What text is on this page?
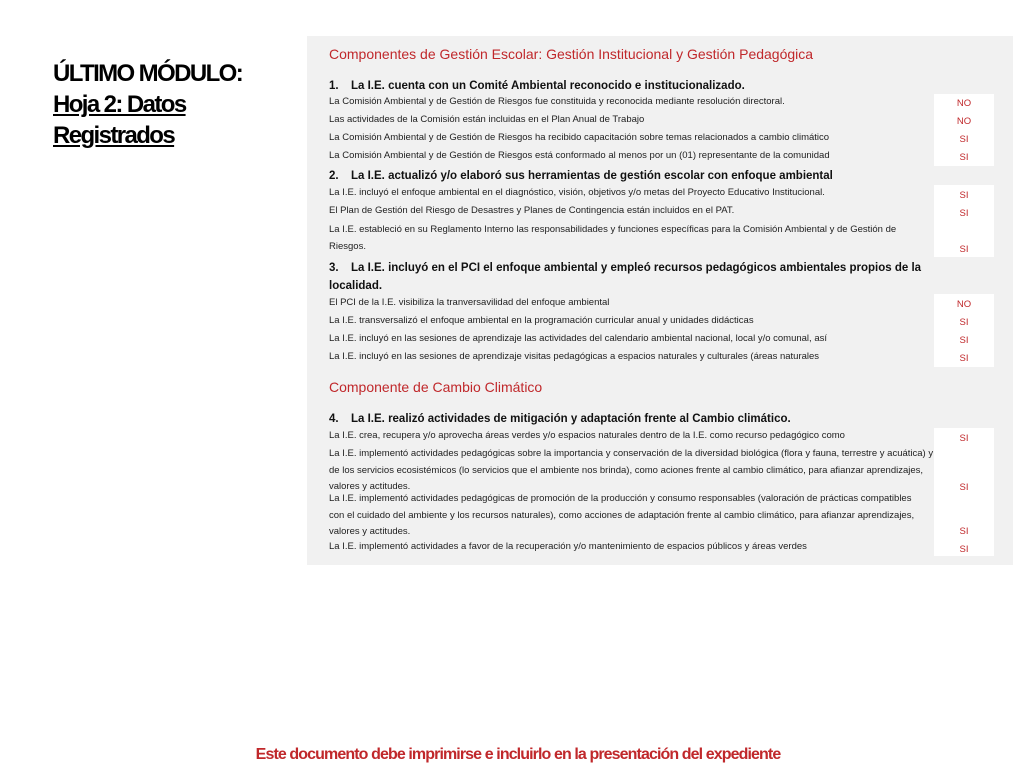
ÚLTIMO MÓDULO:
Hoja 2: Datos
Registrados
Componentes de Gestión Escolar: Gestión Institucional y Gestión Pedagógica
1. La I.E. cuenta con un Comité Ambiental reconocido e institucionalizado.
La Comisión Ambiental y de Gestión de Riesgos fue constituida y reconocida mediante resolución directoral.	NO
Las actividades de la Comisión están incluidas en el Plan Anual de Trabajo	NO
La Comisión Ambiental y de Gestión de Riesgos ha recibido capacitación sobre temas relacionados a cambio climático	SI
La Comisión Ambiental y de Gestión de Riesgos está conformado al menos por un (01) representante de la comunidad	SI
2. La I.E. actualizó y/o elaboró sus herramientas de gestión escolar con enfoque ambiental
La I.E. incluyó el enfoque ambiental en el diagnóstico, visión, objetivos y/o metas del Proyecto Educativo Institucional.	SI
El Plan de Gestión del Riesgo de Desastres y Planes de Contingencia están incluidos en el PAT.	SI
La I.E. estableció en su Reglamento Interno las responsabilidades y funciones específicas para la Comisión Ambiental y de Gestión de Riesgos.	SI
3. La I.E. incluyó en el PCI el enfoque ambiental y empleó recursos pedagógicos ambientales propios de la localidad.
El PCI de la I.E. visibiliza la tranversavilidad del enfoque ambiental	NO
La I.E. transversalizó el enfoque ambiental en la programación curricular anual y unidades didácticas	SI
La I.E. incluyó en las sesiones de aprendizaje las actividades del calendario ambiental nacional, local y/o comunal, así	SI
La I.E. incluyó en las sesiones de aprendizaje visitas pedagógicas a espacios naturales y culturales (áreas naturales	SI
Componente de Cambio Climático
4. La I.E. realizó actividades de mitigación y adaptación frente al Cambio climático.
La I.E. crea, recupera y/o aprovecha áreas verdes y/o espacios naturales dentro de la I.E. como recurso pedagógico como	SI
La I.E. implementó actividades pedagógicas sobre la importancia y conservación de la diversidad biológica (flora y fauna, terrestre y acuática) y de los servicios ecosistémicos (lo servicios que el ambiente nos brinda), como aciones frente al cambio climático, para afianzar aprendizajes, valores y actitudes.	SI
La I.E. implementó actividades pedagógicas de promoción de la producción y consumo responsables (valoración de prácticas compatibles con el cuidado del ambiente y los recursos naturales), como acciones de adaptación frente al cambio climático, para afianzar aprendizajes, valores y actitudes.	SI
La I.E. implementó actividades a favor de la recuperación y/o mantenimiento de espacios públicos y áreas verdes	SI
Este documento debe imprimirse e incluirlo en la presentación del expediente
